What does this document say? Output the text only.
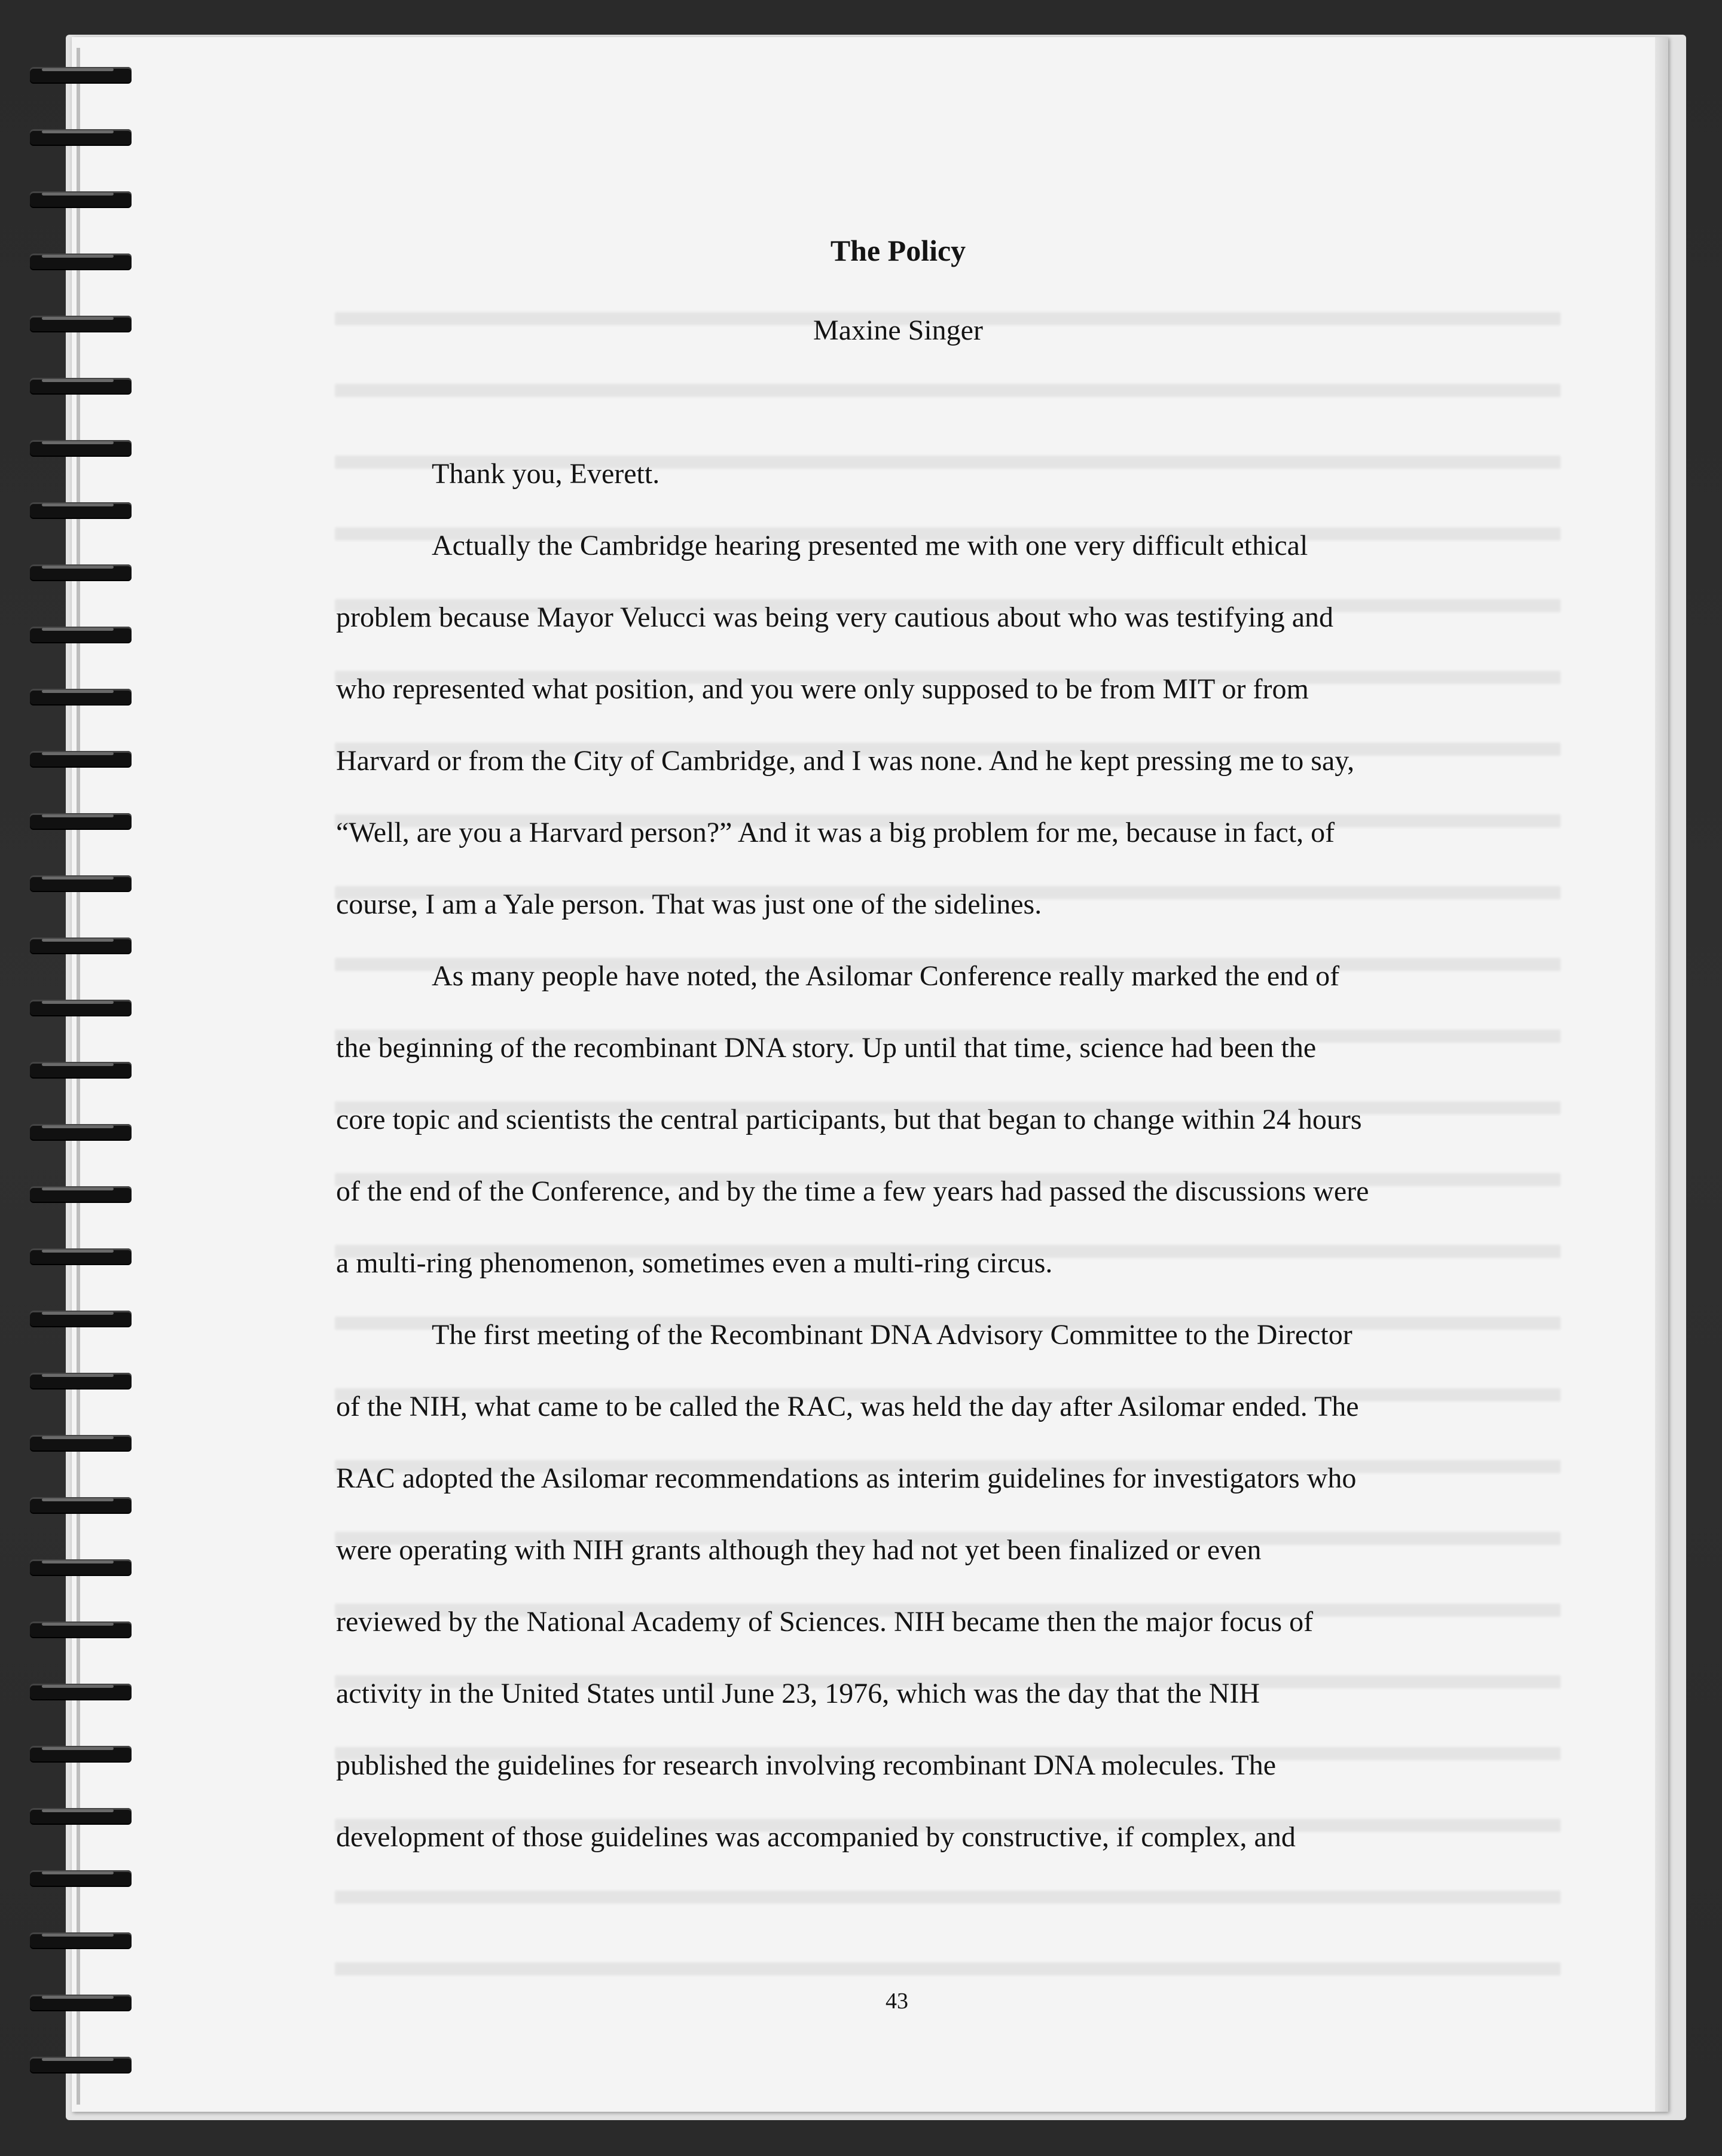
The Policy
Maxine Singer
Thank you, Everett.
Actually the Cambridge hearing presented me with one very difficult ethical
problem because Mayor Velucci was being very cautious about who was testifying and
who represented what position, and you were only supposed to be from MIT or from
Harvard or from the City of Cambridge, and I was none. And he kept pressing me to say,
“Well, are you a Harvard person?” And it was a big problem for me, because in fact, of
course, I am a Yale person. That was just one of the sidelines.
As many people have noted, the Asilomar Conference really marked the end of
the beginning of the recombinant DNA story. Up until that time, science had been the
core topic and scientists the central participants, but that began to change within 24 hours
of the end of the Conference, and by the time a few years had passed the discussions were
a multi-ring phenomenon, sometimes even a multi-ring circus.
The first meeting of the Recombinant DNA Advisory Committee to the Director
of the NIH, what came to be called the RAC, was held the day after Asilomar ended. The
RAC adopted the Asilomar recommendations as interim guidelines for investigators who
were operating with NIH grants although they had not yet been finalized or even
reviewed by the National Academy of Sciences. NIH became then the major focus of
activity in the United States until June 23, 1976, which was the day that the NIH
published the guidelines for research involving recombinant DNA molecules. The
development of those guidelines was accompanied by constructive, if complex, and
43
